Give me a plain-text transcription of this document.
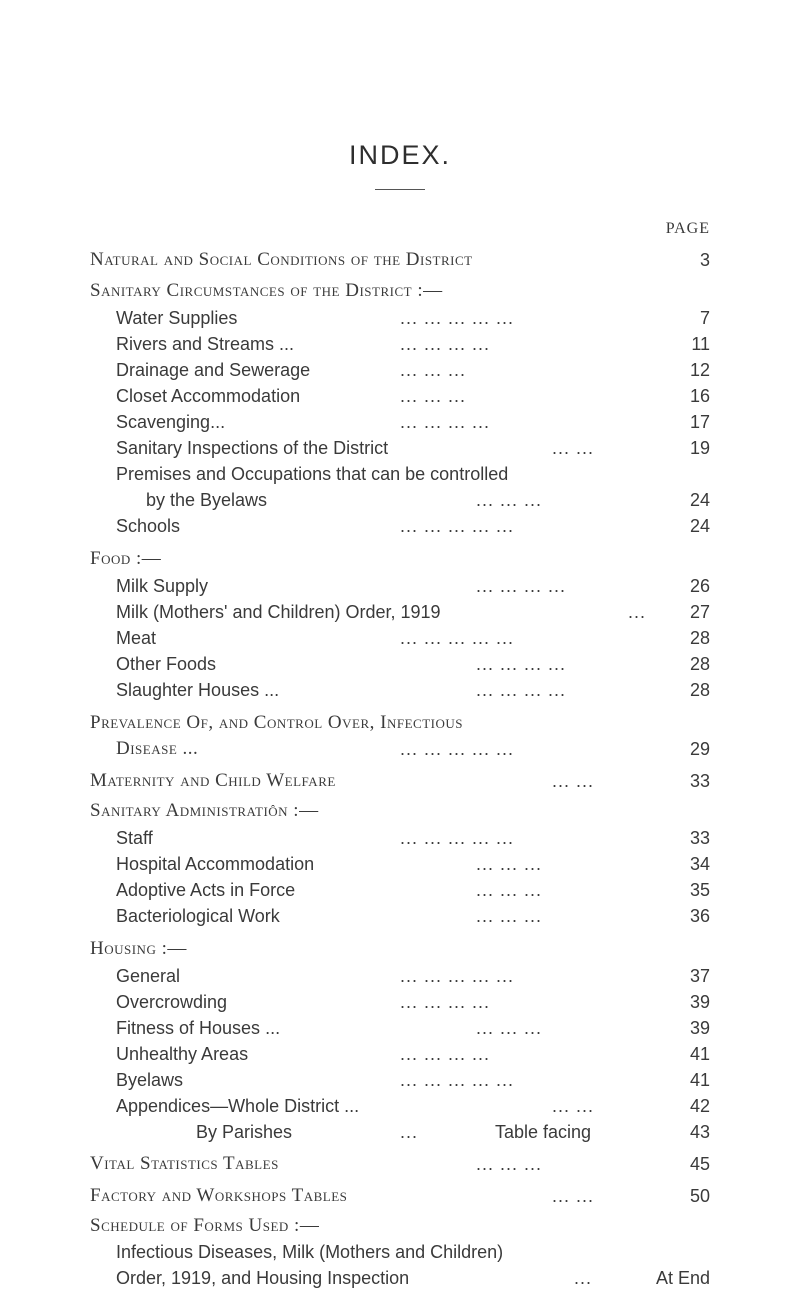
INDEX.
PAGE
Natural and Social Conditions of the District	3
Sanitary Circumstances of the District :—
Water Supplies	... ... ... ... ...	7
Rivers and Streams ...	... ... ... ...	11
Drainage and Sewerage	... ... ...	12
Closet Accommodation	... ... ...	16
Scavenging...	... ... ... ...	17
Sanitary Inspections of the District	... ...	19
Premises and Occupations that can be controlled
by the Byelaws	... ... ...	24
Schools	... ... ... ... ...	24
Food :—
Milk Supply	... ... ... ...	26
Milk (Mothers' and Children) Order, 1919	... 27
Meat	... ... ... ... ...	28
Other Foods	... ... ... ...	28
Slaughter Houses ...	... ... ... ...	28
Prevalence Of, and Control Over, Infectious
Disease ...	... ... ... ... ...	29
Maternity and Child Welfare	... ...	33
Sanitary Administratiôn :—
Staff	... ... ... ... ...	33
Hospital Accommodation	... ... ...	34
Adoptive Acts in Force	... ... ...	35
Bacteriological Work	... ... ...	36
Housing :—
General	... ... ... ... ...	37
Overcrowding	... ... ... ...	39
Fitness of Houses ...	... ... ...	39
Unhealthy Areas	... ... ... ...	41
Byelaws	... ... ... ... ...	41
Appendices—Whole District ...	... ...	42
By Parishes	...	Table facing	43
Vital Statistics Tables	... ... ...	45
Factory and Workshops Tables	... ...	50
Schedule of Forms Used :—
Infectious Diseases, Milk (Mothers and Children)
Order, 1919, and Housing Inspection	...	At End
